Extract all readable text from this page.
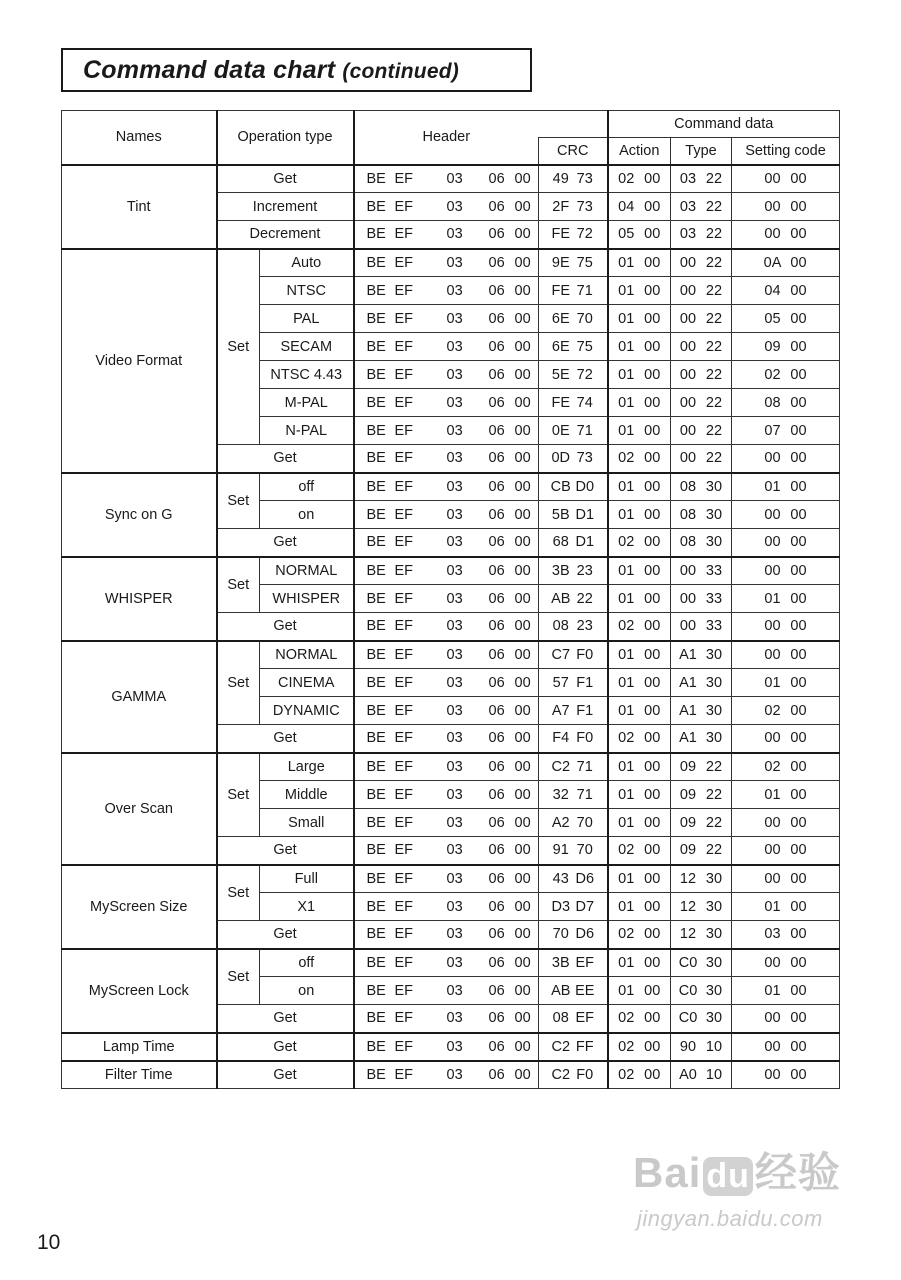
Command data chart (continued)
Names	Operation type		Header		Command data		
				CRC	Action	Type	Setting code
Tint	Get		BE EF 03 06 00	49 73	02 00	03 22	00 00
	Increment		BE EF 03 06 00	2F 73	04 00	03 22	00 00
	Decrement		BE EF 03 06 00	FE 72	05 00	03 22	00 00
Video Format	Set	Auto	BE EF 03 06 00	9E 75	01 00	00 22	0A 00
		NTSC	BE EF 03 06 00	FE 71	01 00	00 22	04 00
		PAL	BE EF 03 06 00	6E 70	01 00	00 22	05 00
		SECAM	BE EF 03 06 00	6E 75	01 00	00 22	09 00
		NTSC 4.43	BE EF 03 06 00	5E 72	01 00	00 22	02 00
		M-PAL	BE EF 03 06 00	FE 74	01 00	00 22	08 00
		N-PAL	BE EF 03 06 00	0E 71	01 00	00 22	07 00
	Get		BE EF 03 06 00	0D 73	02 00	00 22	00 00
Sync on G	Set	off	BE EF 03 06 00	CB D0	01 00	08 30	01 00
		on	BE EF 03 06 00	5B D1	01 00	08 30	00 00
	Get		BE EF 03 06 00	68 D1	02 00	08 30	00 00
WHISPER	Set	NORMAL	BE EF 03 06 00	3B 23	01 00	00 33	00 00
		WHISPER	BE EF 03 06 00	AB 22	01 00	00 33	01 00
	Get		BE EF 03 06 00	08 23	02 00	00 33	00 00
GAMMA	Set	NORMAL	BE EF 03 06 00	C7 F0	01 00	A1 30	00 00
		CINEMA	BE EF 03 06 00	57 F1	01 00	A1 30	01 00
		DYNAMIC	BE EF 03 06 00	A7 F1	01 00	A1 30	02 00
	Get		BE EF 03 06 00	F4 F0	02 00	A1 30	00 00
Over Scan	Set	Large	BE EF 03 06 00	C2 71	01 00	09 22	02 00
		Middle	BE EF 03 06 00	32 71	01 00	09 22	01 00
		Small	BE EF 03 06 00	A2 70	01 00	09 22	00 00
	Get		BE EF 03 06 00	91 70	02 00	09 22	00 00
MyScreen Size	Set	Full	BE EF 03 06 00	43 D6	01 00	12 30	00 00
		X1	BE EF 03 06 00	D3 D7	01 00	12 30	01 00
	Get		BE EF 03 06 00	70 D6	02 00	12 30	03 00
MyScreen Lock	Set	off	BE EF 03 06 00	3B EF	01 00	C0 30	00 00
		on	BE EF 03 06 00	AB EE	01 00	C0 30	01 00
	Get		BE EF 03 06 00	08 EF	02 00	C0 30	00 00
Lamp Time	Get		BE EF 03 06 00	C2 FF	02 00	90 10	00 00
Filter Time	Get		BE EF 03 06 00	C2 F0	02 00	A0 10	00 00
10
Bai du 经验
jingyan.baidu.com
